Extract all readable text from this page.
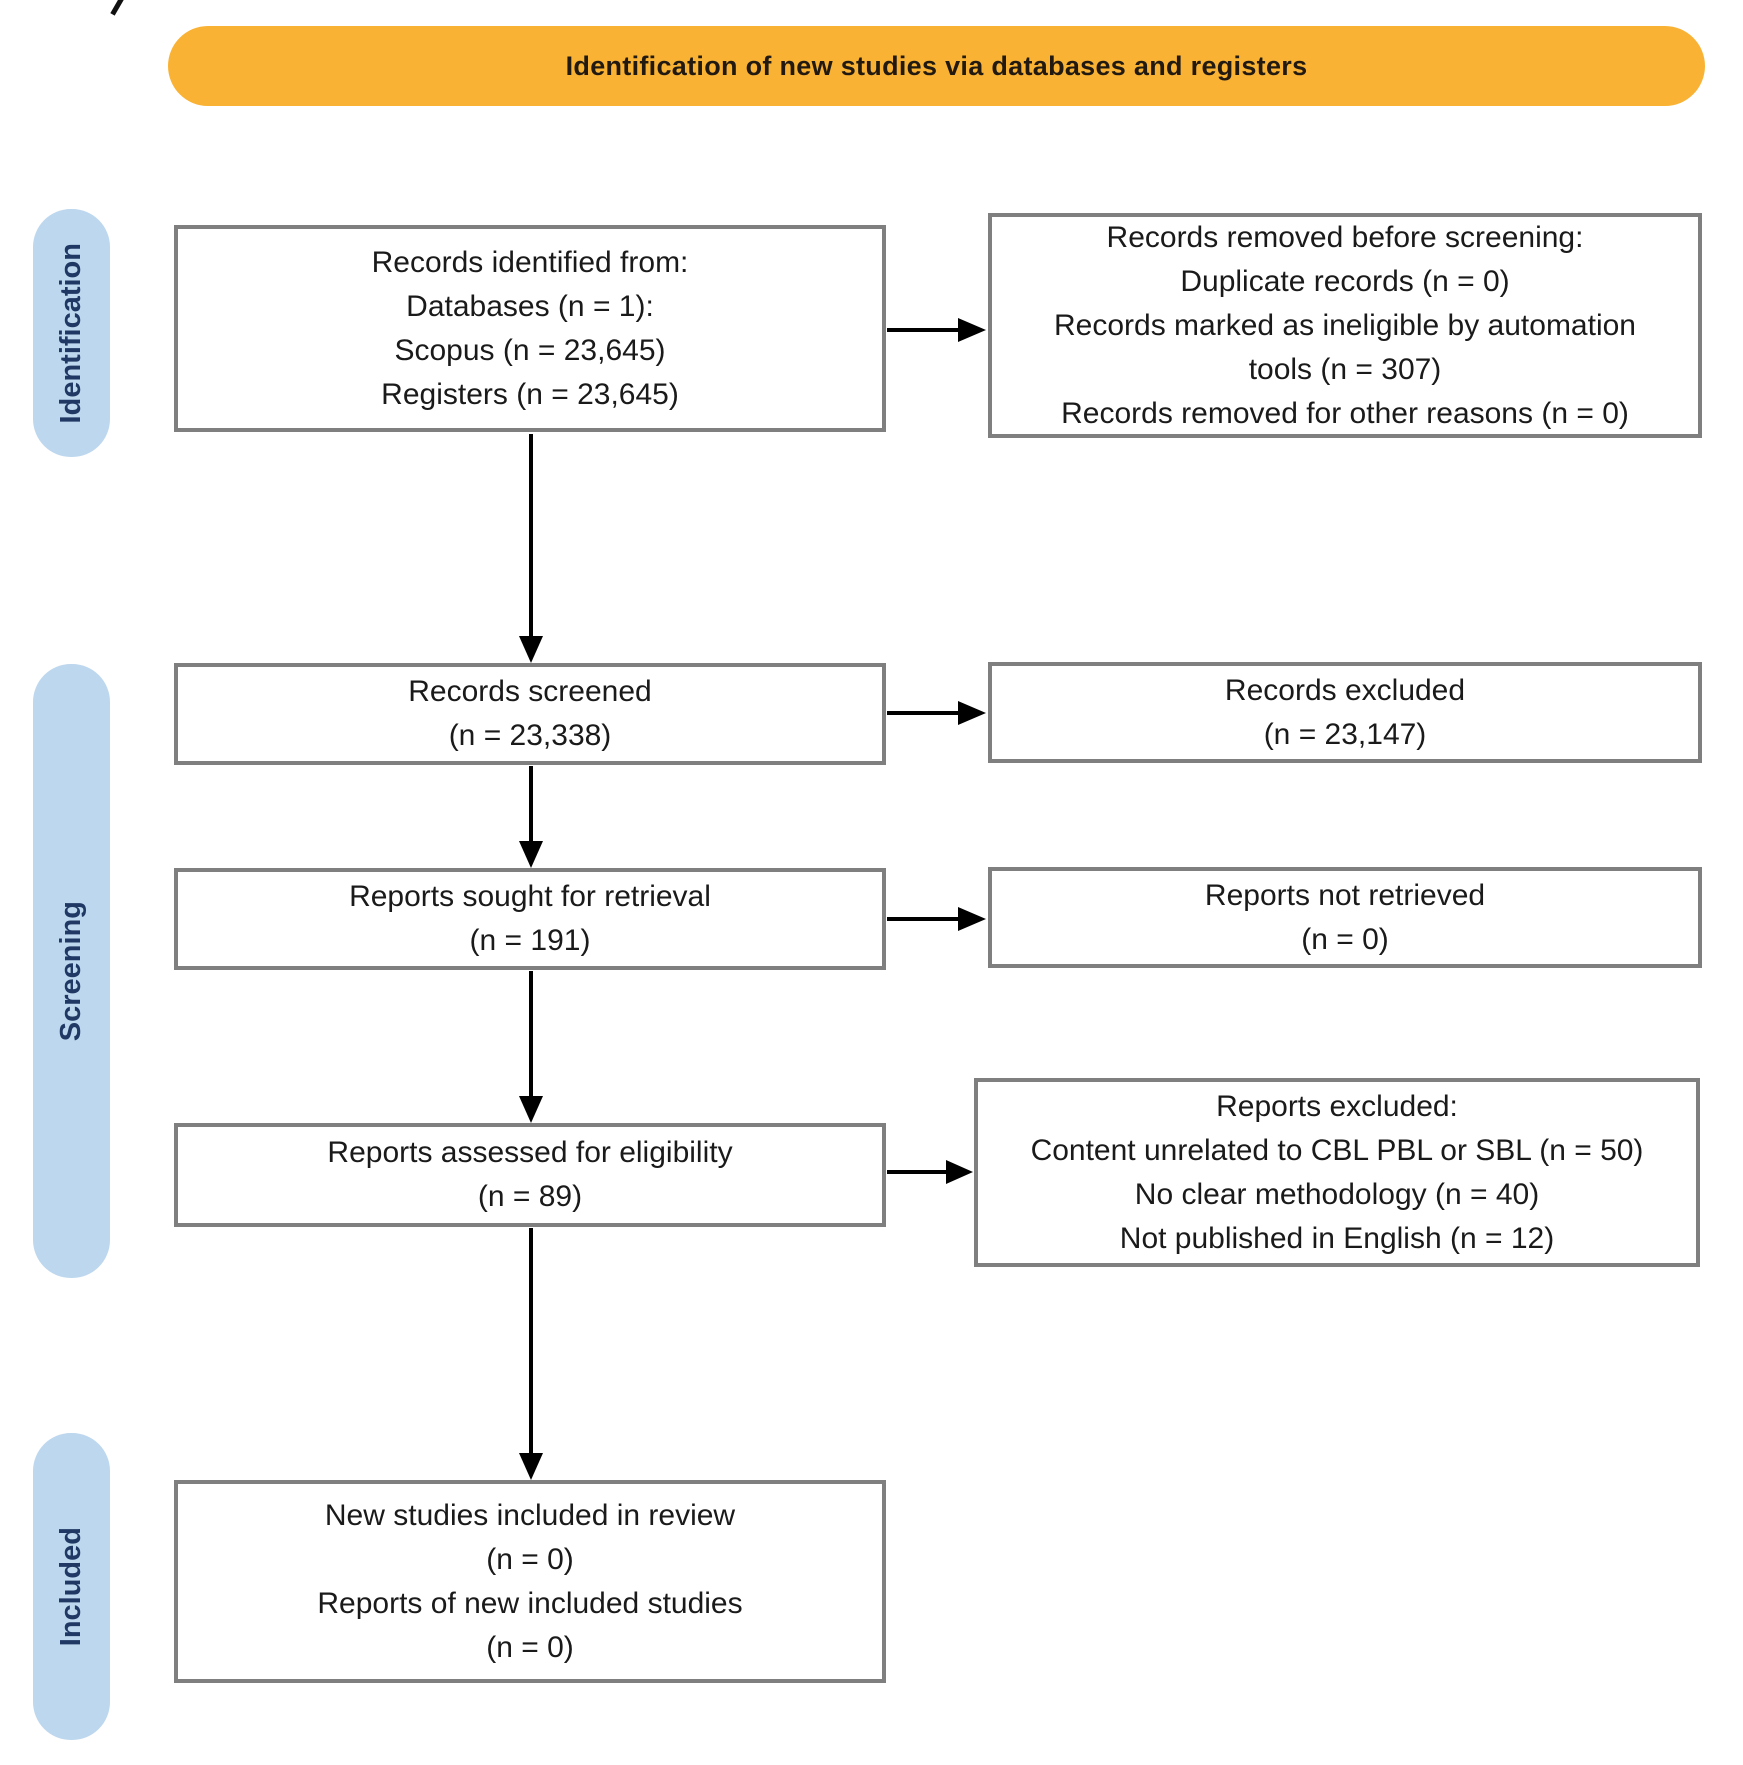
Identification of new studies via databases and registers
Identification
Screening
Included
Records identified from:
Databases (n = 1):
Scopus (n = 23,645)
Registers (n = 23,645)
Records removed before screening:
Duplicate records (n = 0)
Records marked as ineligible by automation
tools (n = 307)
Records removed for other reasons (n = 0)
Records screened
(n = 23,338)
Records excluded
(n = 23,147)
Reports sought for retrieval
(n = 191)
Reports not retrieved
(n = 0)
Reports assessed for eligibility
(n = 89)
Reports excluded:
Content unrelated to CBL PBL or SBL (n = 50)
No clear methodology (n = 40)
Not published in English (n = 12)
New studies included in review
(n = 0)
Reports of new included studies
(n = 0)
